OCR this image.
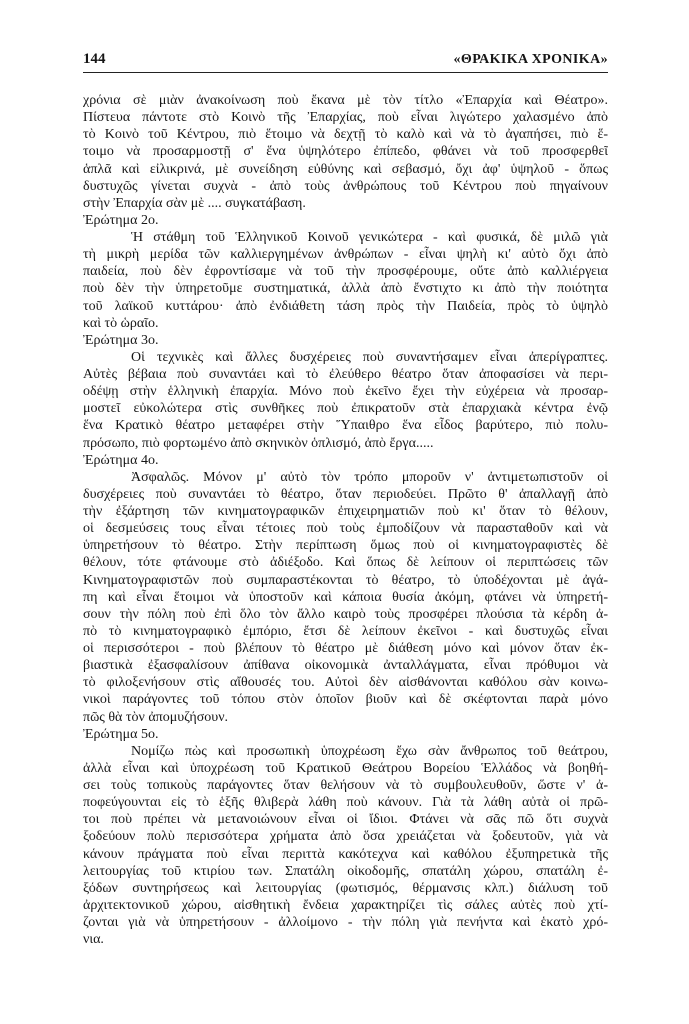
144	«ΘΡΑΚΙΚΑ ΧΡΟΝΙΚΑ»
χρόνια σὲ μιὰν ἀνακοίνωση ποὺ ἔκανα μὲ τὸν τίτλο «Ἐπαρχία καὶ Θέατρο».
Πίστευα πάντοτε στὸ Κοινὸ τῆς Ἐπαρχίας, ποὺ εἶναι λιγώτερο χαλασμένο ἀπὸ
τὸ Κοινὸ τοῦ Κέντρου, πιὸ ἕτοιμο νὰ δεχτῇ τὸ καλὸ καὶ νὰ τὸ ἀγαπήσει, πιὸ ἕ-
τοιμο νὰ προσαρμοστῇ σ' ἕνα ὑψηλότερο ἐπίπεδο, φθάνει νὰ τοῦ προσφερθεῖ
ἁπλᾶ καὶ εἰλικρινά, μὲ συνείδηση εὐθύνης καὶ σεβασμό, ὄχι ἀφ' ὑψηλοῦ - ὅπως
δυστυχῶς γίνεται συχνὰ - ἀπὸ τοὺς ἀνθρώπους τοῦ Κέντρου ποὺ πηγαίνουν
στὴν Ἐπαρχία σὰν μὲ .... συγκατάβαση.
Ἐρώτημα 2ο.
Ἡ στάθμη τοῦ Ἑλληνικοῦ Κοινοῦ γενικώτερα - καὶ φυσικά, δὲ μιλῶ γιὰ
τὴ μικρὴ μερίδα τῶν καλλιεργημένων ἀνθρώπων - εἶναι ψηλὴ κι' αὐτὸ ὄχι ἀπὸ
παιδεία, ποὺ δὲν ἐφροντίσαμε νὰ τοῦ τὴν προσφέρουμε, οὔτε ἀπὸ καλλιέργεια
ποὺ δὲν τὴν ὑπηρετοῦμε συστηματικά, ἀλλὰ ἀπὸ ἔνστιχτο κι ἀπὸ τὴν ποιότητα
τοῦ λαϊκοῦ κυττάρου· ἀπὸ ἐνδιάθετη τάση πρὸς τὴν Παιδεία, πρὸς τὸ ὑψηλὸ
καὶ τὸ ὡραῖο.
Ἐρώτημα 3ο.
Οἱ τεχνικὲς καὶ ἄλλες δυσχέρειες ποὺ συναντήσαμεν εἶναι ἀπερίγραπτες.
Αὐτὲς βέβαια ποὺ συναντάει καὶ τὸ ἐλεύθερο θέατρο ὅταν ἀποφασίσει νὰ περι-
οδέψῃ στὴν ἑλληνικὴ ἐπαρχία. Μόνο ποὺ ἐκεῖνο ἔχει τὴν εὐχέρεια νὰ προσαρ-
μοστεῖ εὐκολώτερα στὶς συνθῆκες ποὺ ἐπικρατοῦν στὰ ἐπαρχιακὰ κέντρα ἐνῷ
ἕνα Κρατικὸ θέατρο μεταφέρει στὴν Ὕπαιθρο ἕνα εἶδος βαρύτερο, πιὸ πολυ-
πρόσωπο, πιὸ φορτωμένο ἀπὸ σκηνικὸν ὁπλισμό, ἀπὸ ἔργα.....
Ἐρώτημα 4ο.
Ἀσφαλῶς. Μόνον μ' αὐτὸ τὸν τρόπο μποροῦν ν' ἀντιμετωπιστοῦν οἱ
δυσχέρειες ποὺ συναντάει τὸ θέατρο, ὅταν περιοδεύει. Πρῶτο θ' ἀπαλλαγῇ ἀπὸ
τὴν ἐξάρτηση τῶν κινηματογραφικῶν ἐπιχειρηματιῶν ποὺ κι' ὅταν τὸ θέλουν,
οἱ δεσμεύσεις τους εἶναι τέτοιες ποὺ τοὺς ἐμποδίζουν νὰ παρασταθοῦν καὶ νὰ
ὑπηρετήσουν τὸ θέατρο. Στὴν περίπτωση ὅμως ποὺ οἱ κινηματογραφιστὲς δὲ
θέλουν, τότε φτάνουμε στὸ ἀδιέξοδο. Καὶ ὅπως δὲ λείπουν οἱ περιπτώσεις τῶν
Κινηματογραφιστῶν ποὺ συμπαραστέκονται τὸ θέατρο, τὸ ὑποδέχονται μὲ ἀγά-
πη καὶ εἶναι ἕτοιμοι νὰ ὑποστοῦν καὶ κάποια θυσία ἀκόμη, φτάνει νὰ ὑπηρετή-
σουν τὴν πόλη ποὺ ἐπὶ ὅλο τὸν ἄλλο καιρὸ τοὺς προσφέρει πλούσια τὰ κέρδη ἀ-
πὸ τὸ κινηματογραφικὸ ἐμπόριο, ἔτσι δὲ λείπουν ἐκεῖνοι - καὶ δυστυχῶς εἶναι
οἱ περισσότεροι - ποὺ βλέπουν τὸ θέατρο μὲ διάθεση μόνο καὶ μόνον ὅταν ἐκ-
βιαστικὰ ἐξασφαλίσουν ἀπίθανα οἰκονομικὰ ἀνταλλάγματα, εἶναι πρόθυμοι νὰ
τὸ φιλοξενήσουν στὶς αἴθουσές του. Αὐτοὶ δὲν αἰσθάνονται καθόλου σὰν κοινω-
νικοὶ παράγοντες τοῦ τόπου στὸν ὁποῖον βιοῦν καὶ δὲ σκέφτονται παρὰ μόνο
πῶς θὰ τὸν ἀπομυζήσουν.
Ἐρώτημα 5ο.
Νομίζω πὼς καὶ προσωπικὴ ὑποχρέωση ἔχω σὰν ἄνθρωπος τοῦ θεάτρου,
ἀλλὰ εἶναι καὶ ὑποχρέωση τοῦ Κρατικοῦ Θεάτρου Βορείου Ἑλλάδος νὰ βοηθή-
σει τοὺς τοπικοὺς παράγοντες ὅταν θελήσουν νὰ τὸ συμβουλευθοῦν, ὥστε ν' ἀ-
ποφεύγουνται εἰς τὸ ἑξῆς θλιβερὰ λάθη ποὺ κάνουν. Γιὰ τὰ λάθη αὐτὰ οἱ πρῶ-
τοι ποὺ πρέπει νὰ μετανοιώνουν εἶναι οἱ ἴδιοι. Φτάνει νὰ σᾶς πῶ ὅτι συχνὰ
ξοδεύουν πολὺ περισσότερα χρήματα ἀπὸ ὅσα χρειάζεται νὰ ξοδευτοῦν, γιὰ νὰ
κάνουν πράγματα ποὺ εἶναι περιττὰ κακότεχνα καὶ καθόλου ἐξυπηρετικὰ τῆς
λειτουργίας τοῦ κτιρίου των. Σπατάλη οἰκοδομῆς, σπατάλη χώρου, σπατάλη ἐ-
ξόδων συντηρήσεως καὶ λειτουργίας (φωτισμός, θέρμανσις κλπ.) διάλυση τοῦ
ἀρχιτεκτονικοῦ χώρου, αἰσθητικὴ ἔνδεια χαρακτηρίζει τὶς σάλες αὐτὲς ποὺ χτί-
ζονται γιὰ νὰ ὑπηρετήσουν - ἀλλοίμονο - τὴν πόλη γιὰ πενήντα καὶ ἑκατὸ χρό-
νια.
